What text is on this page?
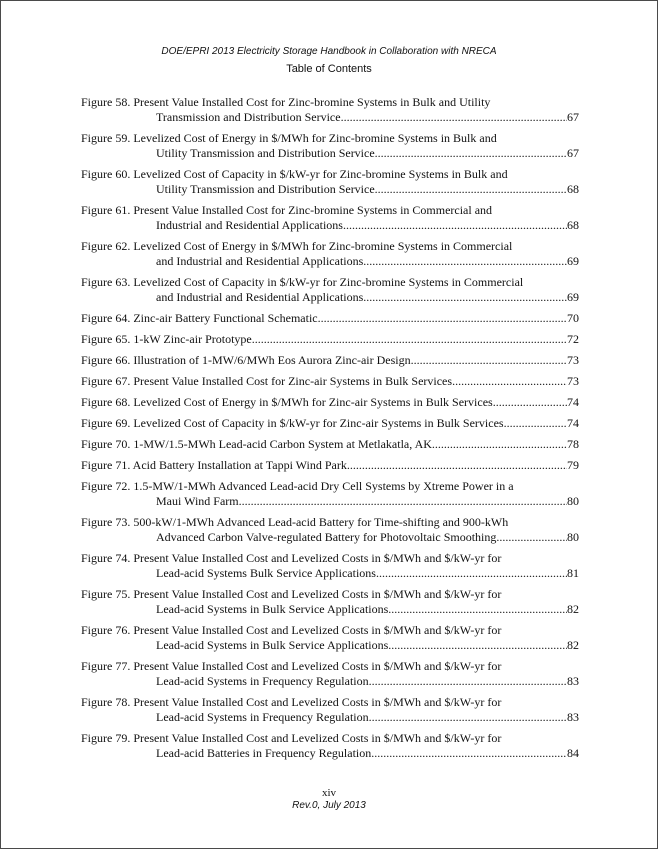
DOE/EPRI 2013 Electricity Storage Handbook in Collaboration with NRECA
Table of Contents
Figure 58. Present Value Installed Cost for Zinc-bromine Systems in Bulk and Utility
Transmission and Distribution Service .....	67
Figure 59. Levelized Cost of Energy in $/MWh for Zinc-bromine Systems in Bulk and
Utility Transmission and Distribution Service .....	67
Figure 60. Levelized Cost of Capacity in $/kW-yr for Zinc-bromine Systems in Bulk and
Utility Transmission and Distribution Service .....	68
Figure 61. Present Value Installed Cost for Zinc-bromine Systems in Commercial and
Industrial and Residential Applications .....	68
Figure 62. Levelized Cost of Energy in $/MWh for Zinc-bromine Systems in Commercial
and Industrial and Residential Applications .....	69
Figure 63. Levelized Cost of Capacity in $/kW-yr for Zinc-bromine Systems in Commercial
and Industrial and Residential Applications .....	69
Figure 64. Zinc-air Battery Functional Schematic .....	70
Figure 65. 1-kW Zinc-air Prototype .....	72
Figure 66. Illustration of 1-MW/6/MWh Eos Aurora Zinc-air Design .....	73
Figure 67. Present Value Installed Cost for Zinc-air Systems in Bulk Services .....	73
Figure 68. Levelized Cost of Energy in $/MWh for Zinc-air Systems in Bulk Services .....	74
Figure 69. Levelized Cost of Capacity in $/kW-yr for Zinc-air Systems in Bulk Services .....	74
Figure 70. 1-MW/1.5-MWh Lead-acid Carbon System at Metlakatla, AK .....	78
Figure 71. Acid Battery Installation at Tappi Wind Park .....	79
Figure 72. 1.5-MW/1-MWh Advanced Lead-acid Dry Cell Systems by Xtreme Power in a
Maui Wind Farm .....	80
Figure 73. 500-kW/1-MWh Advanced Lead-acid Battery for Time-shifting and 900-kWh
Advanced Carbon Valve-regulated Battery for Photovoltaic Smoothing .....	80
Figure 74. Present Value Installed Cost and Levelized Costs in $/MWh and $/kW-yr for
Lead-acid Systems Bulk Service Applications .....	81
Figure 75. Present Value Installed Cost and Levelized Costs in $/MWh and $/kW-yr for
Lead-acid Systems in Bulk Service Applications .....	82
Figure 76. Present Value Installed Cost and Levelized Costs in $/MWh and $/kW-yr for
Lead-acid Systems in Bulk Service Applications .....	82
Figure 77. Present Value Installed Cost and Levelized Costs in $/MWh and $/kW-yr for
Lead-acid Systems in Frequency Regulation .....	83
Figure 78. Present Value Installed Cost and Levelized Costs in $/MWh and $/kW-yr for
Lead-acid Systems in Frequency Regulation .....	83
Figure 79. Present Value Installed Cost and Levelized Costs in $/MWh and $/kW-yr for
Lead-acid Batteries in Frequency Regulation .....	84
xiv
Rev.0, July 2013
